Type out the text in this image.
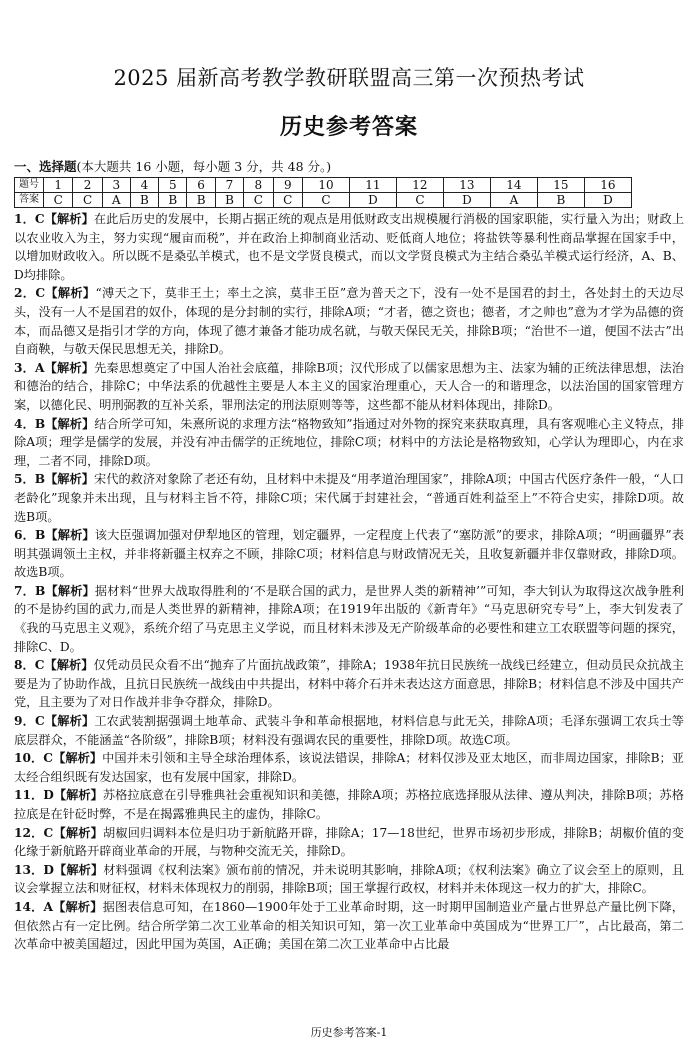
2025 届新高考教学教研联盟高三第一次预热考试
历史参考答案
一、选择题(本大题共 16 小题，每小题 3 分，共 48 分。)
题号	1	2	3	4	5	6	7	8	9	10	11	12	13	14	15	16
答案	C	C	A	B	B	B	B	C	C	C	D	C	D	A	B	D

1．C【解析】在此后历史的发展中，长期占据正统的观点是用低财政支出规模履行消极的国家职能，实行量入为出；财政上以农业收入为主，努力实现“履亩而税”，并在政治上抑制商业活动、贬低商人地位；将盐铁等暴利性商品掌握在国家手中，以增加财政收入。所以既不是桑弘羊模式，也不是文学贤良模式，而以文学贤良模式为主结合桑弘羊模式运行经济，A、B、D均排除。

2．C【解析】“溥天之下，莫非王土；率土之滨，莫非王臣”意为普天之下，没有一处不是国君的封土，各处封土的天边尽头，没有一人不是国君的奴仆，体现的是分封制的实行，排除A项；“才者，德之资也；德者，才之帅也”意为才学为品德的资本，而品德又是指引才学的方向，体现了德才兼备才能功成名就，与敬天保民无关，排除B项；“治世不一道，便国不法古”出自商鞅，与敬天保民思想无关，排除D。

3．A【解析】先秦思想奠定了中国人治社会底蕴，排除B项；汉代形成了以儒家思想为主、法家为辅的正统法律思想，法治和德治的结合，排除C；中华法系的优越性主要是人本主义的国家治理重心，天人合一的和谐理念，以法治国的国家管理方案，以德化民、明刑弼教的互补关系，罪刑法定的刑法原则等等，这些都不能从材料体现出，排除D。

4．B【解析】结合所学可知，朱熹所说的求理方法“格物致知”指通过对外物的探究来获取真理，具有客观唯心主义特点，排除A项；理学是儒学的发展，并没有冲击儒学的正统地位，排除C项；材料中的方法论是格物致知，心学认为理即心，内在求理，二者不同，排除D项。

5．B【解析】宋代的救济对象除了老还有幼，且材料中未提及“用孝道治理国家”，排除A项；中国古代医疗条件一般，“人口老龄化”现象并未出现，且与材料主旨不符，排除C项；宋代属于封建社会，“普通百姓利益至上”不符合史实，排除D项。故选B项。

6．B【解析】该大臣强调加强对伊犁地区的管理，划定疆界，一定程度上代表了“塞防派”的要求，排除A项；“明画疆界”表明其强调领土主权，并非将新疆主权弃之不顾，排除C项；材料信息与财政情况无关，且收复新疆并非仅靠财政，排除D项。故选B项。

7．B【解析】据材料“世界大战取得胜利的‘不是联合国的武力，是世界人类的新精神’”可知，李大钊认为取得这次战争胜利的不是协约国的武力,而是人类世界的新精神，排除A项；在1919年出版的《新青年》“马克思研究专号”上，李大钊发表了《我的马克思主义观》，系统介绍了马克思主义学说，而且材料未涉及无产阶级革命的必要性和建立工农联盟等问题的探究，排除C、D。

8．C【解析】仅凭动员民众看不出“抛弃了片面抗战政策”，排除A；1938年抗日民族统一战线已经建立，但动员民众抗战主要是为了协助作战，且抗日民族统一战线由中共提出，材料中蒋介石并未表达这方面意思，排除B；材料信息不涉及中国共产党，且主要为了对日作战并非争夺群众，排除D。

9．C【解析】工农武装割据强调土地革命、武装斗争和革命根据地，材料信息与此无关，排除A项；毛泽东强调工农兵士等底层群众，不能涵盖“各阶级”，排除B项；材料没有强调农民的重要性，排除D项。故选C项。

10．C【解析】中国并未引领和主导全球治理体系，该说法错误，排除A；材料仅涉及亚太地区，而非周边国家，排除B；亚太经合组织既有发达国家，也有发展中国家，排除D。

11．D【解析】苏格拉底意在引导雅典社会重视知识和美德，排除A项；苏格拉底选择服从法律、遵从判决，排除B项；苏格拉底是在针砭时弊，不是在揭露雅典民主的虚伪，排除C。

12．C【解析】胡椒回归调料本位是归功于新航路开辟，排除A；17—18世纪，世界市场初步形成，排除B；胡椒价值的变化缘于新航路开辟商业革命的开展，与物种交流无关，排除D。

13．D【解析】材料强调《权利法案》颁布前的情况，并未说明其影响，排除A项；《权利法案》确立了议会至上的原则，且议会掌握立法和财征权，材料未体现权力的削弱，排除B项；国王掌握行政权，材料并未体现这一权力的扩大，排除C。

14．A【解析】据图表信息可知，在1860—1900年处于工业革命时期，这一时期甲国制造业产量占世界总产量比例下降，但依然占有一定比例。结合所学第二次工业革命的相关知识可知，第一次工业革命中英国成为“世界工厂”，占比最高，第二次革命中被美国超过，因此甲国为英国，A正确；美国在第二次工业革命中占比最

历史参考答案-1
